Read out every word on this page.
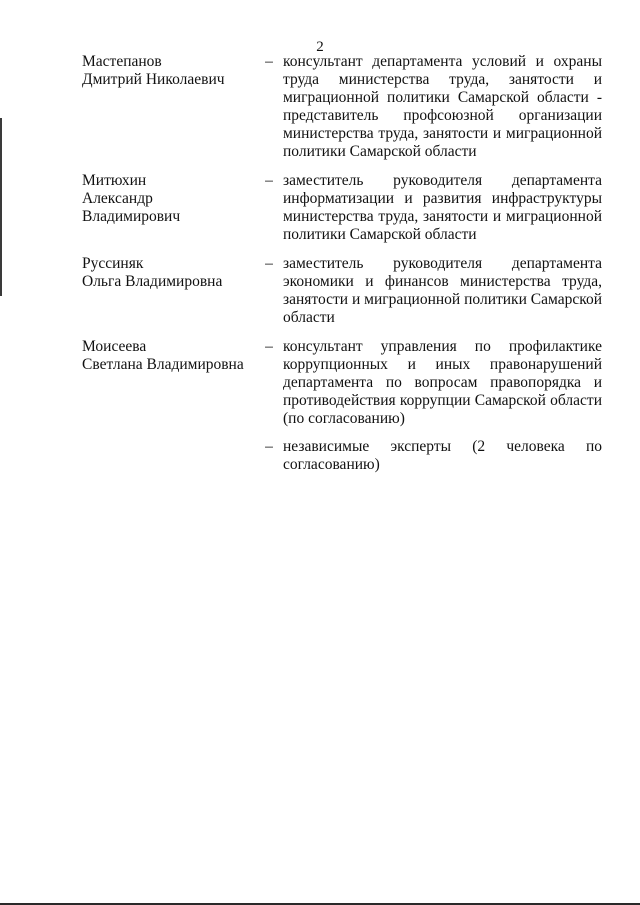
2
Мастепанов
Дмитрий Николаевич
– консультант департамента условий и охраны труда министерства труда, занятости и миграционной политики Самарской области - представитель профсоюзной организации министерства труда, занятости и миграционной политики Самарской области
Митюхин
Александр
Владимирович
– заместитель руководителя департамента информатизации и развития инфраструктуры министерства труда, занятости и миграционной политики Самарской области
Руссиняк
Ольга Владимировна
– заместитель руководителя департамента экономики и финансов министерства труда, занятости и миграционной политики Самарской области
Моисеева
Светлана Владимировна
– консультант управления по профилактике коррупционных и иных правонарушений департамента по вопросам правопорядка и противодействия коррупции Самарской области (по согласованию)
– независимые эксперты (2 человека по согласованию)
